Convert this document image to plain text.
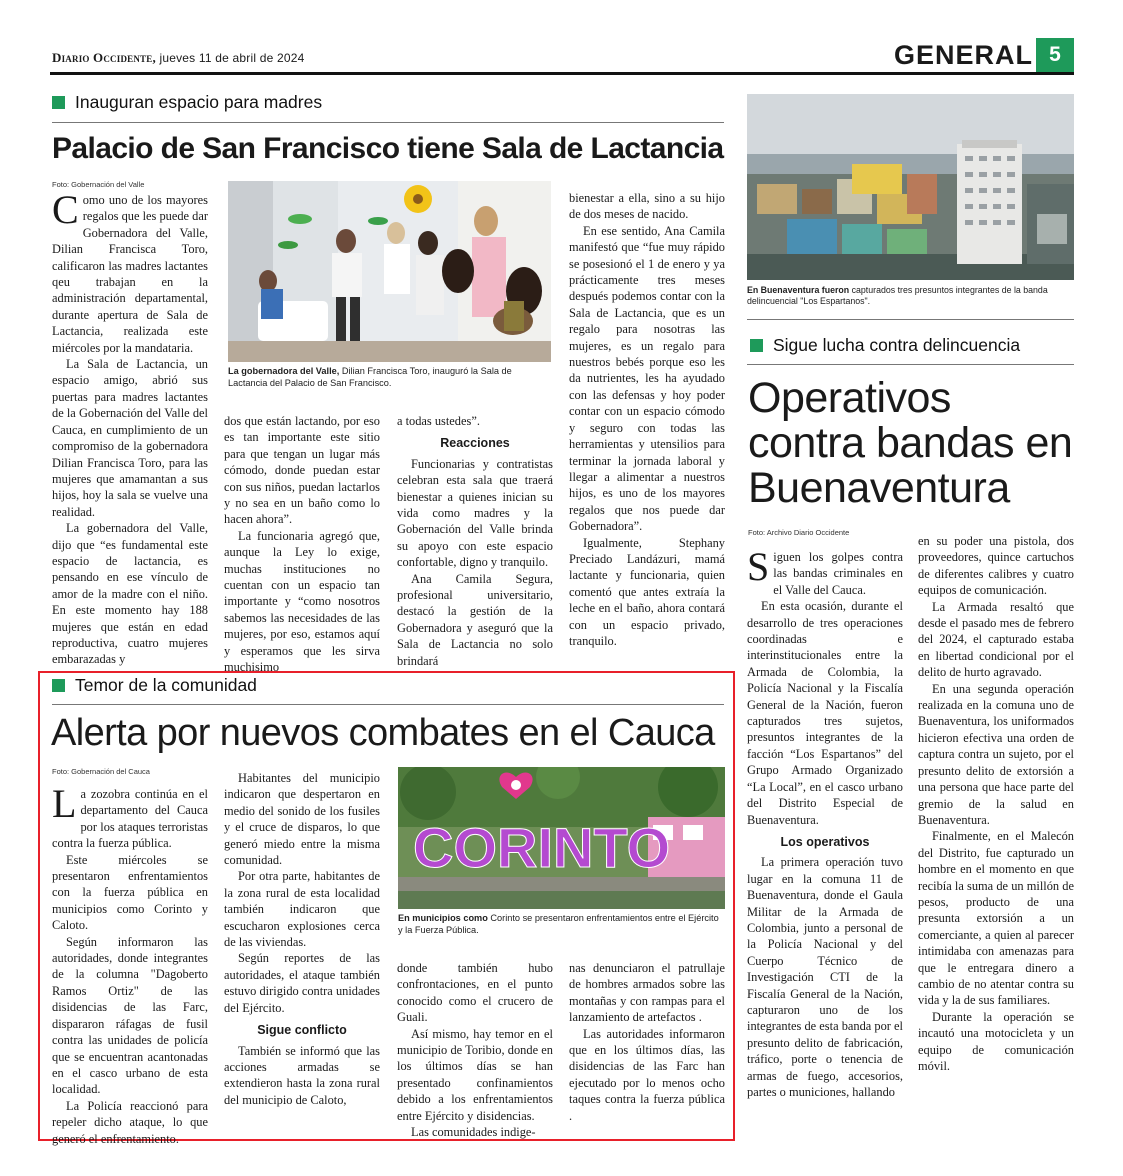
Diario Occidente, jueves 11 de abril de 2024	GENERAL 5
Inauguran espacio para madres
Palacio de San Francisco tiene Sala de Lactancia
Foto: Gobernación del Valle
La gobernadora del Valle, Dilian Francisca Toro, inauguró la Sala de Lactancia del Palacio de San Francisco.

Como uno de los mayores regalos que les puede dar Gobernadora del Valle, Dilian Francisca Toro, calificaron las madres lactantes qeu trabajan en la administración departamental, durante apertura de Sala de Lactancia, realizada este miércoles por la mandataria.

La Sala de Lactancia, un espacio amigo, abrió sus puertas para madres lactantes de la Gobernación del Valle del Cauca, en cumplimiento de un compromiso de la gobernadora Dilian Francisca Toro, para las mujeres que amamantan a sus hijos, hoy la sala se vuelve una realidad.

La gobernadora del Valle, dijo que “es fundamental este espacio de lactancia, es pensando en ese vínculo de amor de la madre con el niño. En este momento hay 188 mujeres que están en edad reproductiva, cuatro mujeres embarazadas y

dos que están lactando, por eso es tan importante este sitio para que tengan un lugar más cómodo, donde puedan estar con sus niños, puedan lactarlos y no sea en un baño como lo hacen ahora”.

La funcionaria agregó que, aunque la Ley lo exige, muchas instituciones no cuentan con un espacio tan importante y “como nosotros sabemos las necesidades de las mujeres, por eso, estamos aquí y esperamos que les sirva muchisimo

a todas ustedes”.

Reacciones

Funcionarias y contratistas celebran esta sala que traerá bienestar a quienes inician su vida como madres y la Gobernación del Valle brinda su apoyo con este espacio confortable, digno y tranquilo.

Ana Camila Segura, profesional universitario, destacó la gestión de la Gobernadora y aseguró que la Sala de Lactancia no solo brindará

bienestar a ella, sino a su hijo de dos meses de nacido.

En ese sentido, Ana Camila manifestó que “fue muy rápido se posesionó el 1 de enero y ya prácticamente tres meses después podemos contar con la Sala de Lactancia, que es un regalo para nosotras las mujeres, es un regalo para nuestros bebés porque eso les da nutrientes, les ha ayudado con las defensas y hoy poder contar con un espacio cómodo y seguro con todas las herramientas y utensilios para terminar la jornada laboral y llegar a alimentar a nuestros hijos, es uno de los mayores regalos que nos puede dar Gobernadora”.

Igualmente, Stephany Preciado Landázuri, mamá lactante y funcionaria, quien comentó que antes extraía la leche en el baño, ahora contará con un espacio privado, tranquilo.

En Buenaventura fueron capturados tres presuntos integrantes de la banda delincuencial "Los Espartanos".
Sigue lucha contra delincuencia
Operativos contra bandas en Buenaventura
Foto: Archivo Diario Occidente

Siguen los golpes contra las bandas criminales en el Valle del Cauca.

En esta ocasión, durante el desarrollo de tres operaciones coordinadas e interinstitucionales entre la Armada de Colombia, la Policía Nacional y la Fiscalía General de la Nación, fueron capturados tres sujetos, presuntos integrantes de la facción “Los Espartanos” del Grupo Armado Organizado “La Local”, en el casco urbano del Distrito Especial de Buenaventura.

Los operativos

La primera operación tuvo lugar en la comuna 11 de Buenaventura, donde el Gaula Militar de la Armada de Colombia, junto a personal de la Policía Nacional y del Cuerpo Técnico de Investigación CTI de la Fiscalía General de la Nación, capturaron uno de los integrantes de esta banda por el presunto delito de fabricación, tráfico, porte o tenencia de armas de fuego, accesorios, partes o municiones, hallando

en su poder una pistola, dos proveedores, quince cartuchos de diferentes calibres y cuatro equipos de comunicación.

La Armada resaltó que desde el pasado mes de febrero del 2024, el capturado estaba en libertad condicional por el delito de hurto agravado.

En una segunda operación realizada en la comuna uno de Buenaventura, los uniformados hicieron efectiva una orden de captura contra un sujeto, por el presunto delito de extorsión a una persona que hace parte del gremio de la salud en Buenaventura.

Finalmente, en el Malecón del Distrito, fue capturado un hombre en el momento en que recibía la suma de un millón de pesos, producto de una presunta extorsión a un comerciante, a quien al parecer intimidaba con amenazas para que le entregara dinero a cambio de no atentar contra su vida y la de sus familiares.

Durante la operación se incautó una motocicleta y un equipo de comunicación móvil.

Temor de la comunidad
Alerta por nuevos combates en el Cauca
Foto: Gobernación del Cauca
CORINTO
En municipios como Corinto se presentaron enfrentamientos entre el Ejército y la Fuerza Pública.

La zozobra continúa en el departamento del Cauca por los ataques terroristas contra la fuerza pública.

Este miércoles se presentaron enfrentamientos con la fuerza pública en municipios como Corinto y Caloto.

Según informaron las autoridades, donde integrantes de la columna "Dagoberto Ramos Ortiz" de las disidencias de las Farc, dispararon ráfagas de fusil contra las unidades de policía que se encuentran acantonadas en el casco urbano de esta localidad.

La Policía reaccionó para repeler dicho ataque, lo que generó el enfrentamiento.

Habitantes del municipio indicaron que despertaron en medio del sonido de los fusiles y el cruce de disparos, lo que generó miedo entre la misma comunidad.

Por otra parte, habitantes de la zona rural de esta localidad también indicaron que escucharon explosiones cerca de las viviendas.

Según reportes de las autoridades, el ataque también estuvo dirigido contra unidades del Ejército.

Sigue conflicto

También se informó que las acciones armadas se extendieron hasta la zona rural del municipio de Caloto,

donde también hubo confrontaciones, en el punto conocido como el crucero de Guali.

Así mismo, hay temor en el municipio de Toribio, donde en los últimos días se han presentado confinamientos debido a los enfrentamientos entre Ejército y disidencias.

Las comunidades indige-

nas denunciaron el patrullaje de hombres armados sobre las montañas y con rampas para el lanzamiento de artefactos .

Las autoridades informaron que en los últimos días, las disidencias de las Farc han ejecutado por lo menos ocho taques contra la fuerza pública .
